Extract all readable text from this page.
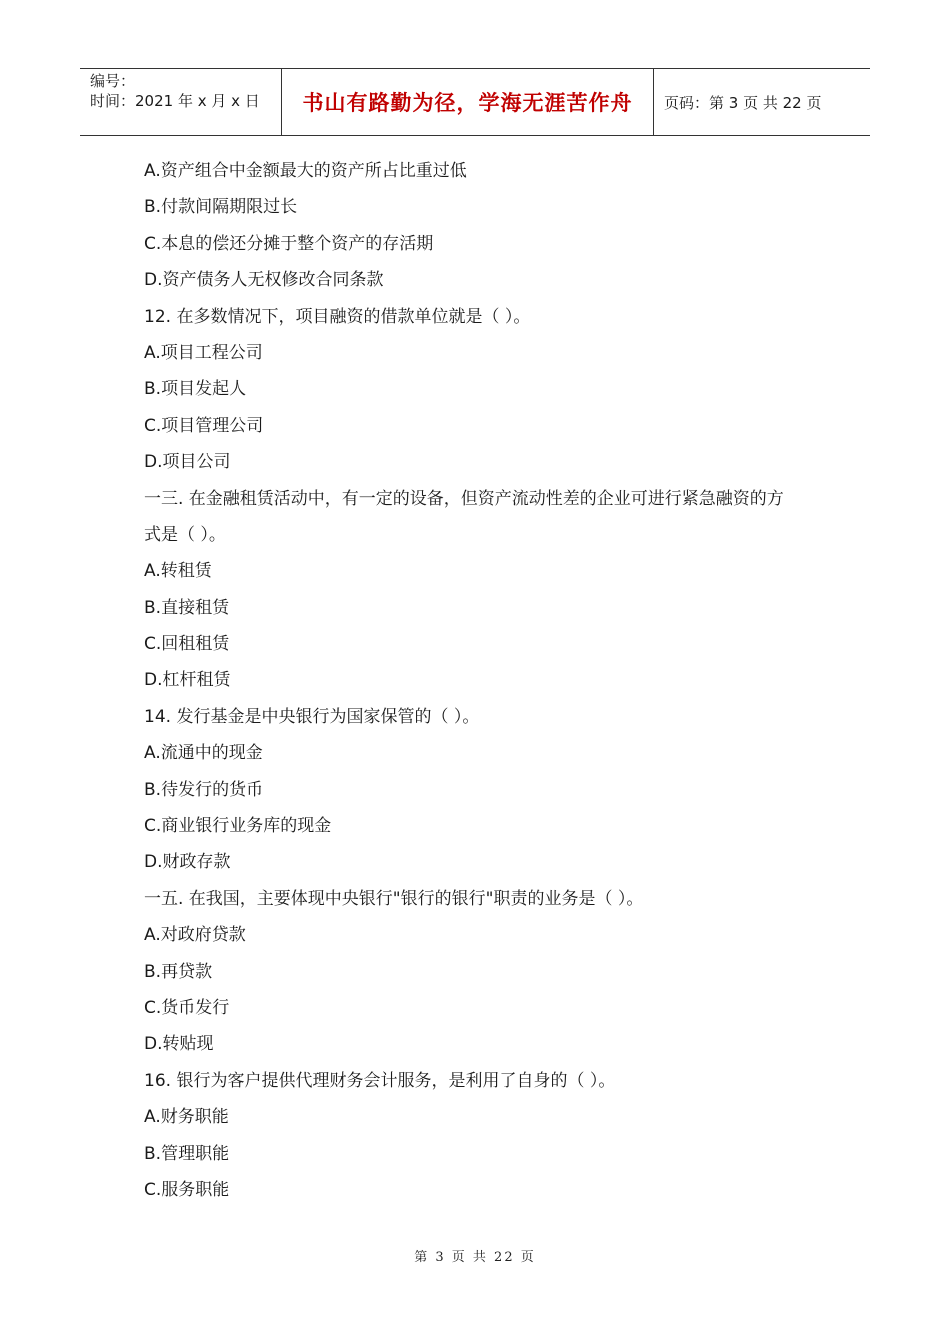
编号：
时间：2021 年 x 月 x 日	书山有路勤为径，学海无涯苦作舟	页码：第 3 页 共 22 页
A.资产组合中金额最大的资产所占比重过低
B.付款间隔期限过长
C.本息的偿还分摊于整个资产的存活期
D.资产债务人无权修改合同条款
12. 在多数情况下，项目融资的借款单位就是（ ）。
A.项目工程公司
B.项目发起人
C.项目管理公司
D.项目公司
一三. 在金融租赁活动中，有一定的设备，但资产流动性差的企业可进行紧急融资的方
式是（ ）。
A.转租赁
B.直接租赁
C.回租租赁
D.杠杆租赁
14. 发行基金是中央银行为国家保管的（ ）。
A.流通中的现金
B.待发行的货币
C.商业银行业务库的现金
D.财政存款
一五. 在我国，主要体现中央银行"银行的银行"职责的业务是（ ）。
A.对政府贷款
B.再贷款
C.货币发行
D.转贴现
16. 银行为客户提供代理财务会计服务，是利用了自身的（ ）。
A.财务职能
B.管理职能
C.服务职能
第 3 页 共 22 页
